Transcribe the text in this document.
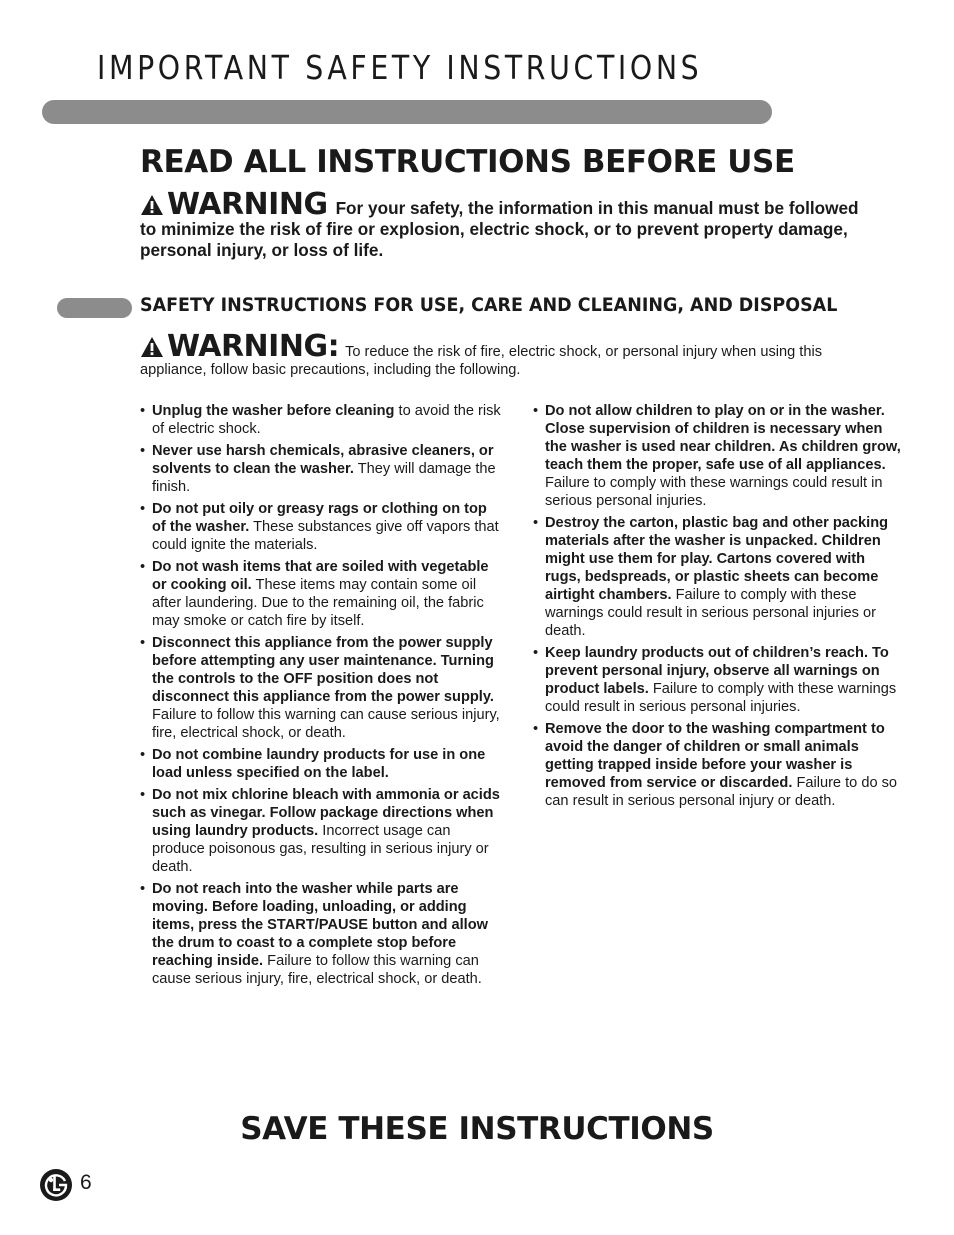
IMPORTANT SAFETY INSTRUCTIONS
READ ALL INSTRUCTIONS BEFORE USE
WARNING For your safety, the information in this manual must be followed to minimize the risk of fire or explosion, electric shock, or to prevent property damage, personal injury, or loss of life.
SAFETY INSTRUCTIONS FOR USE, CARE AND CLEANING, AND DISPOSAL
WARNING: To reduce the risk of fire, electric shock, or personal injury when using this appliance, follow basic precautions, including the following.
• Unplug the washer before cleaning to avoid the risk of electric shock.
• Never use harsh chemicals, abrasive cleaners, or solvents to clean the washer. They will damage the finish.
• Do not put oily or greasy rags or clothing on top of the washer. These substances give off vapors that could ignite the materials.
• Do not wash items that are soiled with vegetable or cooking oil. These items may contain some oil after laundering. Due to the remaining oil, the fabric may smoke or catch fire by itself.
• Disconnect this appliance from the power supply before attempting any user maintenance. Turning the controls to the OFF position does not disconnect this appliance from the power supply. Failure to follow this warning can cause serious injury, fire, electrical shock, or death.
• Do not combine laundry products for use in one load unless specified on the label.
• Do not mix chlorine bleach with ammonia or acids such as vinegar. Follow package directions when using laundry products. Incorrect usage can produce poisonous gas, resulting in serious injury or death.
• Do not reach into the washer while parts are moving. Before loading, unloading, or adding items, press the START/PAUSE button and allow the drum to coast to a complete stop before reaching inside. Failure to follow this warning can cause serious injury, fire, electrical shock, or death.
• Do not allow children to play on or in the washer. Close supervision of children is necessary when the washer is used near children. As children grow, teach them the proper, safe use of all appliances. Failure to comply with these warnings could result in serious personal injuries.
• Destroy the carton, plastic bag and other packing materials after the washer is unpacked. Children might use them for play. Cartons covered with rugs, bedspreads, or plastic sheets can become airtight chambers. Failure to comply with these warnings could result in serious personal injuries or death.
• Keep laundry products out of children’s reach. To prevent personal injury, observe all warnings on product labels. Failure to comply with these warnings could result in serious personal injuries.
• Remove the door to the washing compartment to avoid the danger of children or small animals getting trapped inside before your washer is removed from service or discarded. Failure to do so can result in serious personal injury or death.
SAVE THESE INSTRUCTIONS
6
